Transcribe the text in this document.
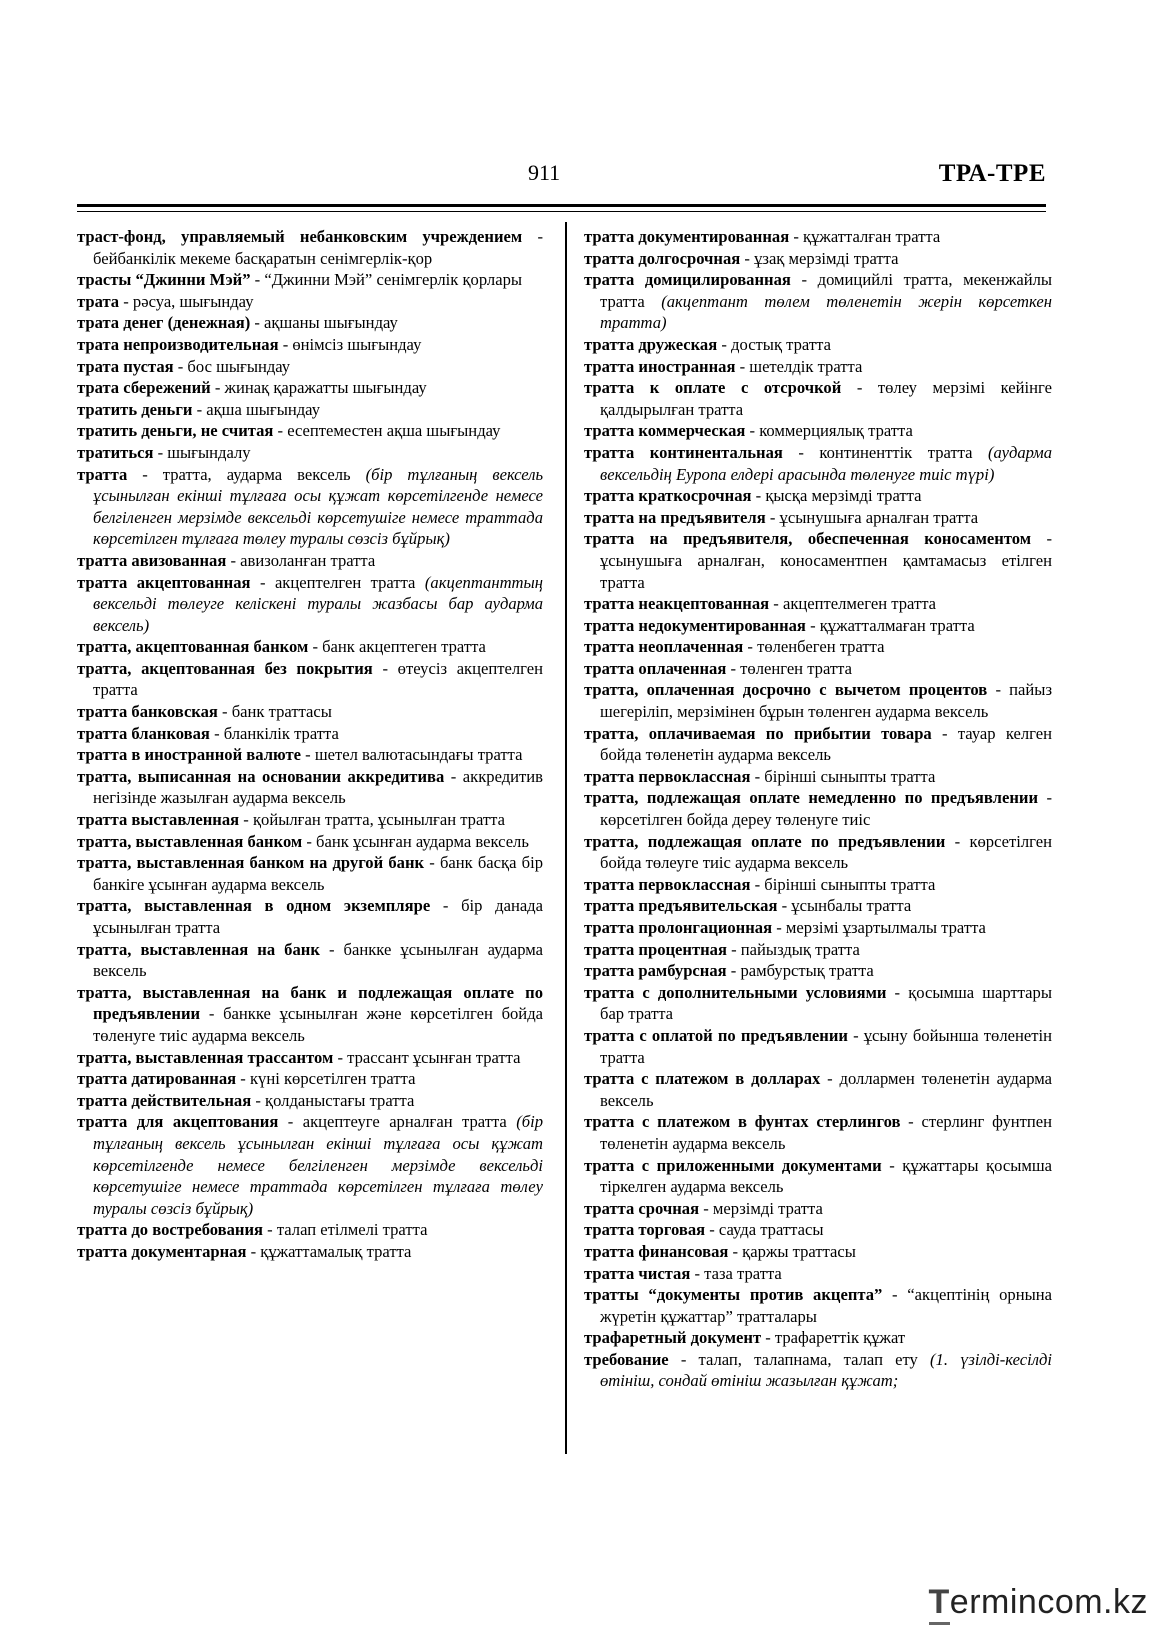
911	ТРА-ТРЕ

траст-фонд, управляемый небанковским учреждением - бейбанкілік мекеме басқаратын сенімгерлік-қор

трасты “Джинни Мэй” - “Джинни Мэй” сенімгерлік қорлары

трата - рәсуа, шығындау

трата денег (денежная) - ақшаны шығындау

трата непроизводительная - өнімсіз шығындау

трата пустая - бос шығындау

трата сбережений - жинақ қаражатты шығындау

тратить деньги - ақша шығындау

тратить деньги, не считая - есептеместен ақша шығындау

тратиться - шығындалу

тратта - тратта, аударма вексель (бір тұлғаның вексель ұсынылған екінші тұлғаға осы құжат көрсетілгенде немесе белгіленген мерзімде вексельді көрсетушіге немесе траттада көрсетілген тұлғаға төлеу туралы сөзсіз бұйрық)

тратта авизованная - авизоланған тратта

тратта акцептованная - акцептелген тратта (акцептанттың вексельді төлеуге келіскені туралы жазбасы бар аударма вексель)

тратта, акцептованная банком - банк акцептеген тратта

тратта, акцептованная без покрытия - өтеусіз акцептелген тратта

тратта банковская - банк траттасы

тратта бланковая - бланкілік тратта

тратта в иностранной валюте - шетел валютасындағы тратта

тратта, выписанная на основании аккредитива - аккредитив негізінде жазылған аударма вексель

тратта выставленная - қойылған тратта, ұсынылған тратта

тратта, выставленная банком - банк ұсынған аударма вексель

тратта, выставленная банком на другой банк - банк басқа бір банкіге ұсынған аударма вексель

тратта, выставленная в одном экземпляре - бір данада ұсынылған тратта

тратта, выставленная на банк - банкке ұсынылған аударма вексель

тратта, выставленная на банк и подлежащая оплате по предъявлении - банкке ұсынылған және көрсетілген бойда төленуге тиіс аударма вексель

тратта, выставленная трассантом - трассант ұсынған тратта

тратта датированная - күні көрсетілген тратта

тратта действительная - қолданыстағы тратта

тратта для акцептования - акцептеуге арналған тратта (бір тұлғаның вексель ұсынылған екінші тұлғаға осы құжат көрсетілгенде немесе белгіленген мерзімде вексельді көрсетушіге немесе траттада көрсетілген тұлғаға төлеу туралы сөзсіз бұйрық)

тратта до востребования - талап етілмелі тратта

тратта документарная - құжаттамалық тратта

тратта документированная - құжатталған тратта

тратта долгосрочная - ұзақ мерзімді тратта

тратта домицилированная - домицийлі тратта, мекенжайлы тратта (акцептант төлем төленетін жерін көрсеткен тратта)

тратта дружеская - достық тратта

тратта иностранная - шетелдік тратта

тратта к оплате с отсрочкой - төлеу мерзімі кейінге қалдырылған тратта

тратта коммерческая - коммерциялық тратта

тратта континентальная - континенттік тратта (аударма вексельдің Еуропа елдері арасында төленуге тиіс түрі)

тратта краткосрочная - қысқа мерзімді тратта

тратта на предъявителя - ұсынушыға арналған тратта

тратта на предъявителя, обеспеченная коносаментом - ұсынушыға арналған, коносаментпен қамтамасыз етілген тратта

тратта неакцептованная - акцептелмеген тратта

тратта недокументированная - құжатталмаған тратта

тратта неоплаченная - төленбеген тратта

тратта оплаченная - төленген тратта

тратта, оплаченная досрочно с вычетом процентов - пайыз шегеріліп, мерзімінен бұрын төленген аударма вексель

тратта, оплачиваемая по прибытии товара - тауар келген бойда төленетін аударма вексель

тратта первоклассная - бірінші сыныпты тратта

тратта, подлежащая оплате немедленно по предъявлении - көрсетілген бойда дереу төленуге тиіс

тратта, подлежащая оплате по предъявлении - көрсетілген бойда төлеуге тиіс аударма вексель

тратта первоклассная - бірінші сыныпты тратта

тратта предъявительская - ұсынбалы тратта

тратта пролонгационная - мерзімі ұзартылмалы тратта

тратта процентная - пайыздық тратта

тратта рамбурсная - рамбурстық тратта

тратта с дополнительными условиями - қосымша шарттары бар тратта

тратта с оплатой по предъявлении - ұсыну бойынша төленетін тратта

тратта с платежом в долларах - доллармен төленетін аударма вексель

тратта с платежом в фунтах стерлингов - стерлинг фунтпен төленетін аударма вексель

тратта с приложенными документами - құжаттары қосымша тіркелген аударма вексель

тратта срочная - мерзімді тратта

тратта торговая - сауда траттасы

тратта финансовая - қаржы траттасы

тратта чистая - таза тратта

тратты “документы против акцепта” - “акцептінің орнына жүретін құжаттар” тратталары

трафаретный документ - трафареттік құжат

требование - талап, талапнама, талап ету (1. үзілді-кесілді өтініш, сондай өтініш жазылған құжат;

Termincom.kz
